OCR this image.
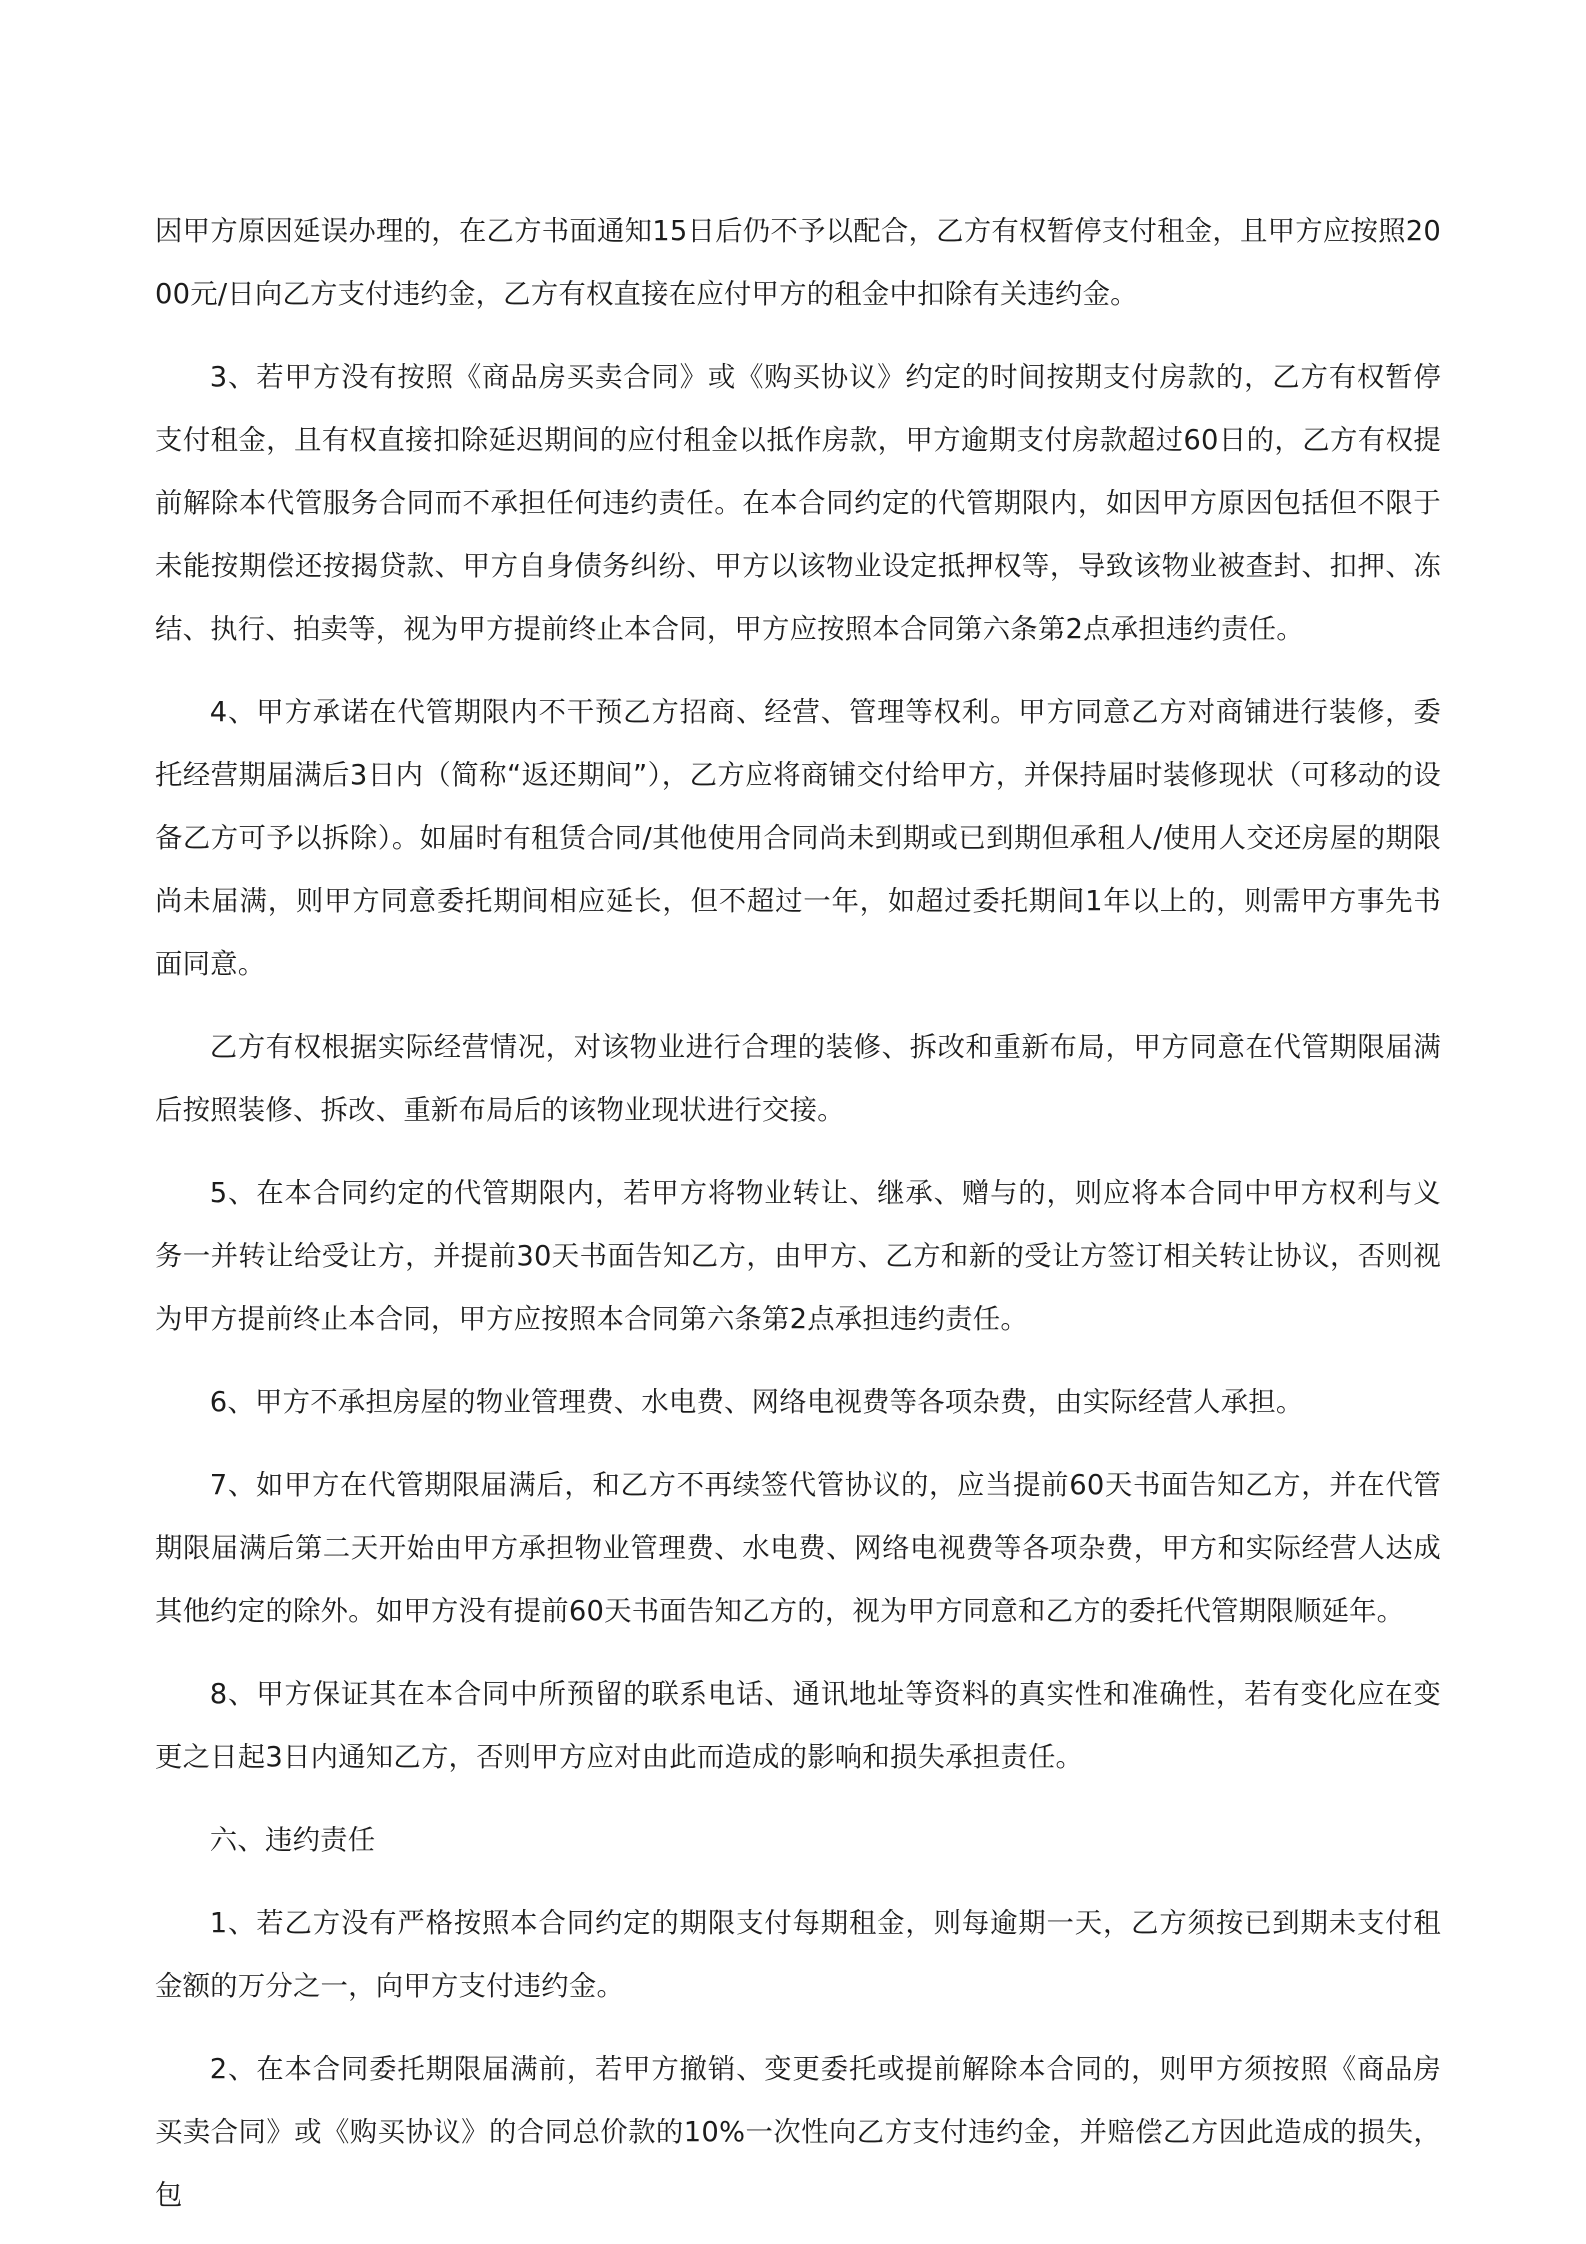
因甲方原因延误办理的，在乙方书面通知15日后仍不予以配合，乙方有权暂停支付租金，且甲方应按照2000元/日向乙方支付违约金，乙方有权直接在应付甲方的租金中扣除有关违约金。

3、若甲方没有按照《商品房买卖合同》或《购买协议》约定的时间按期支付房款的，乙方有权暂停支付租金，且有权直接扣除延迟期间的应付租金以抵作房款，甲方逾期支付房款超过60日的，乙方有权提前解除本代管服务合同而不承担任何违约责任。在本合同约定的代管期限内，如因甲方原因包括但不限于未能按期偿还按揭贷款、甲方自身债务纠纷、甲方以该物业设定抵押权等，导致该物业被查封、扣押、冻结、执行、拍卖等，视为甲方提前终止本合同，甲方应按照本合同第六条第2点承担违约责任。

4、甲方承诺在代管期限内不干预乙方招商、经营、管理等权利。甲方同意乙方对商铺进行装修，委托经营期届满后3日内（简称“返还期间”），乙方应将商铺交付给甲方，并保持届时装修现状（可移动的设备乙方可予以拆除）。如届时有租赁合同/其他使用合同尚未到期或已到期但承租人/使用人交还房屋的期限尚未届满，则甲方同意委托期间相应延长，但不超过一年，如超过委托期间1年以上的，则需甲方事先书面同意。

乙方有权根据实际经营情况，对该物业进行合理的装修、拆改和重新布局，甲方同意在代管期限届满后按照装修、拆改、重新布局后的该物业现状进行交接。

5、在本合同约定的代管期限内，若甲方将物业转让、继承、赠与的，则应将本合同中甲方权利与义务一并转让给受让方，并提前30天书面告知乙方，由甲方、乙方和新的受让方签订相关转让协议，否则视为甲方提前终止本合同，甲方应按照本合同第六条第2点承担违约责任。

6、甲方不承担房屋的物业管理费、水电费、网络电视费等各项杂费，由实际经营人承担。

7、如甲方在代管期限届满后，和乙方不再续签代管协议的，应当提前60天书面告知乙方，并在代管期限届满后第二天开始由甲方承担物业管理费、水电费、网络电视费等各项杂费，甲方和实际经营人达成其他约定的除外。如甲方没有提前60天书面告知乙方的，视为甲方同意和乙方的委托代管期限顺延年。

8、甲方保证其在本合同中所预留的联系电话、通讯地址等资料的真实性和准确性，若有变化应在变更之日起3日内通知乙方，否则甲方应对由此而造成的影响和损失承担责任。

六、违约责任

1、若乙方没有严格按照本合同约定的期限支付每期租金，则每逾期一天，乙方须按已到期未支付租金额的万分之一，向甲方支付违约金。

2、在本合同委托期限届满前，若甲方撤销、变更委托或提前解除本合同的，则甲方须按照《商品房买卖合同》或《购买协议》的合同总价款的10%一次性向乙方支付违约金，并赔偿乙方因此造成的损失，包
